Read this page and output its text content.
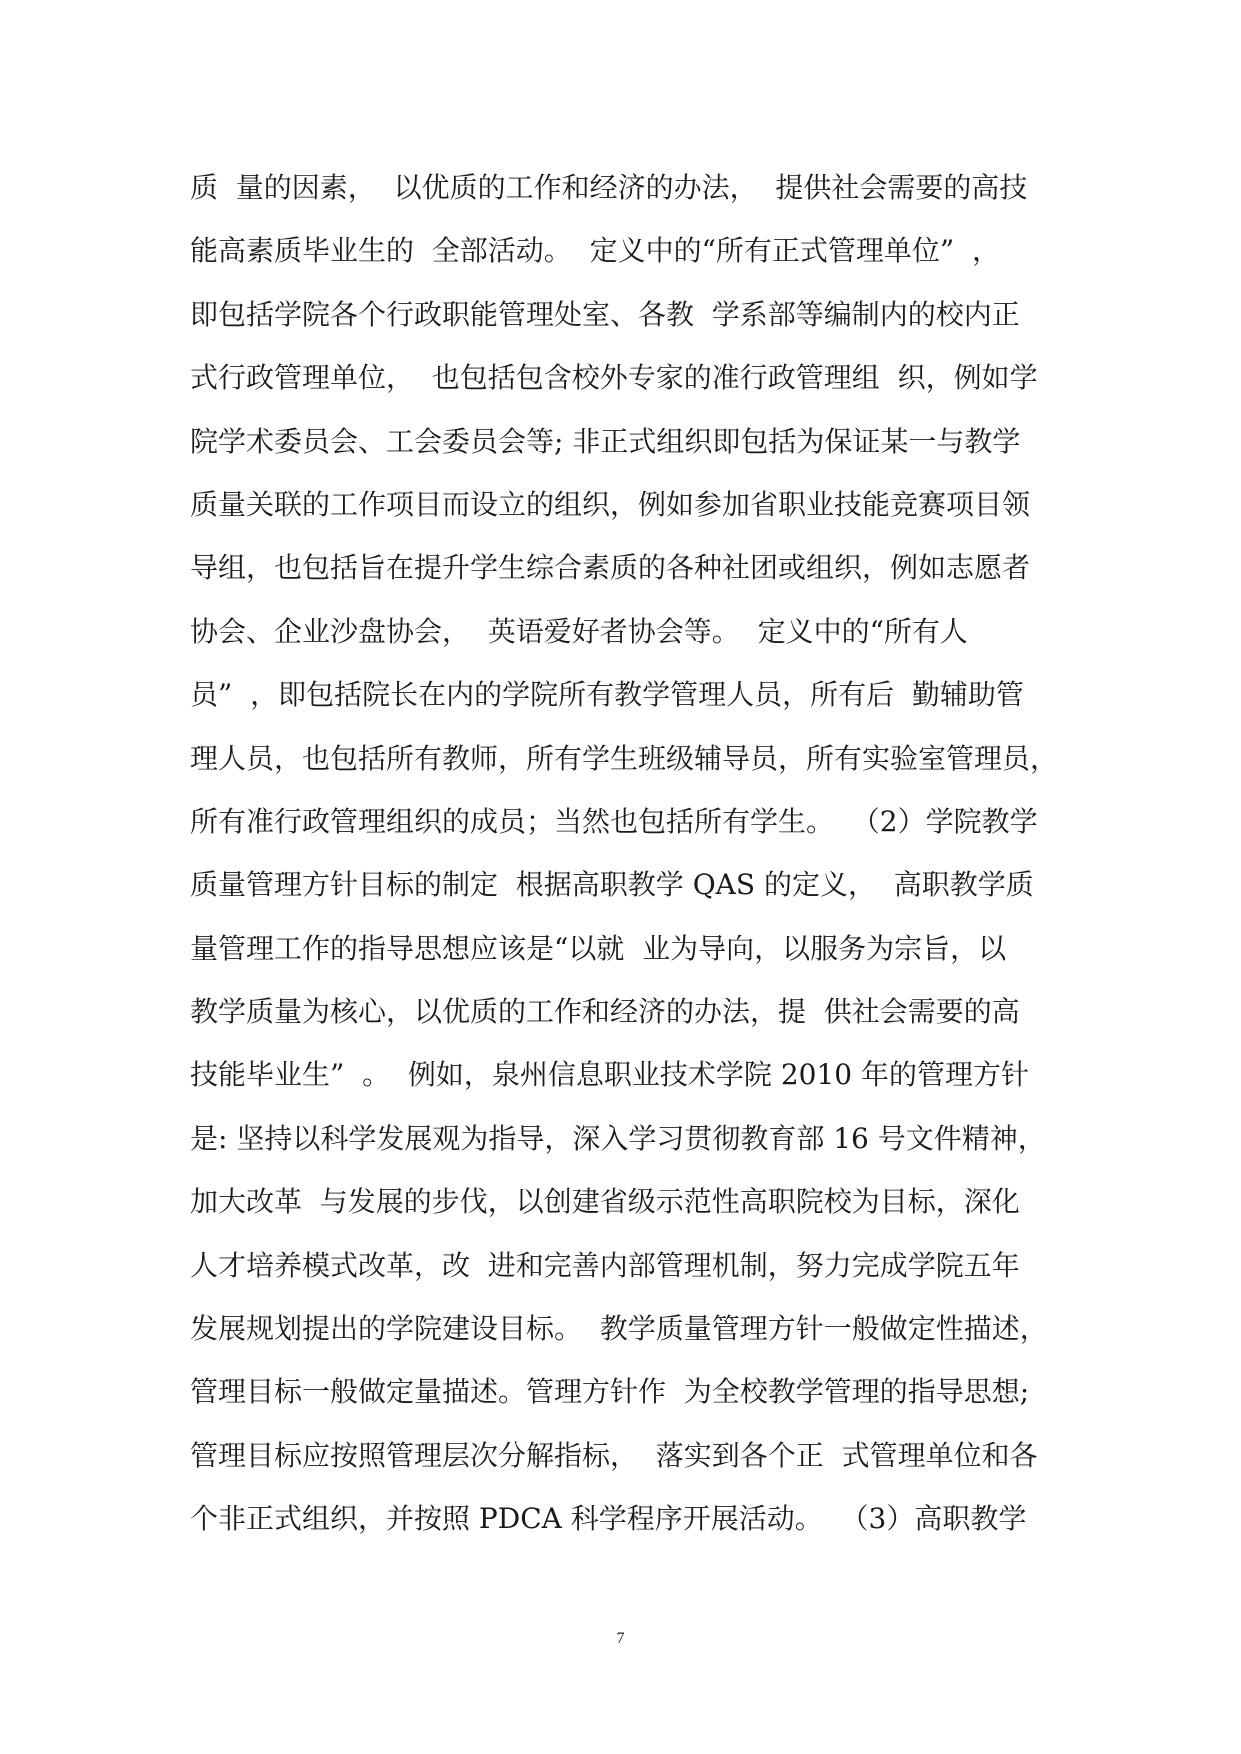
质  量的因素，  以优质的工作和经济的办法，  提供社会需要的高技
能高素质毕业生的  全部活动。  定义中的“所有正式管理单位”  ，
即包括学院各个行政职能管理处室、各教  学系部等编制内的校内正
式行政管理单位，  也包括包含校外专家的准行政管理组  织，例如学
院学术委员会、工会委员会等; 非正式组织即包括为保证某一与教学
质量关联的工作项目而设立的组织，例如参加省职业技能竞赛项目领
导组，也包括旨在提升学生综合素质的各种社团或组织，例如志愿者
协会、企业沙盘协会，  英语爱好者协会等。  定义中的“所有人
员”  ，即包括院长在内的学院所有教学管理人员，所有后  勤辅助管
理人员，也包括所有教师，所有学生班级辅导员，所有实验室管理员，
所有准行政管理组织的成员；当然也包括所有学生。  （2）学院教学
质量管理方针目标的制定  根据高职教学 QAS 的定义，  高职教学质
量管理工作的指导思想应该是“以就  业为导向，以服务为宗旨，以
教学质量为核心，以优质的工作和经济的办法，提  供社会需要的高
技能毕业生”  。  例如，泉州信息职业技术学院 2010 年的管理方针
是: 坚持以科学发展观为指导，深入学习贯彻教育部 16 号文件精神，
加大改革  与发展的步伐，以创建省级示范性高职院校为目标，深化
人才培养模式改革，改  进和完善内部管理机制，努力完成学院五年
发展规划提出的学院建设目标。  教学质量管理方针一般做定性描述，
管理目标一般做定量描述。管理方针作  为全校教学管理的指导思想;
管理目标应按照管理层次分解指标，  落实到各个正  式管理单位和各
个非正式组织，并按照 PDCA 科学程序开展活动。  （3）高职教学
7
